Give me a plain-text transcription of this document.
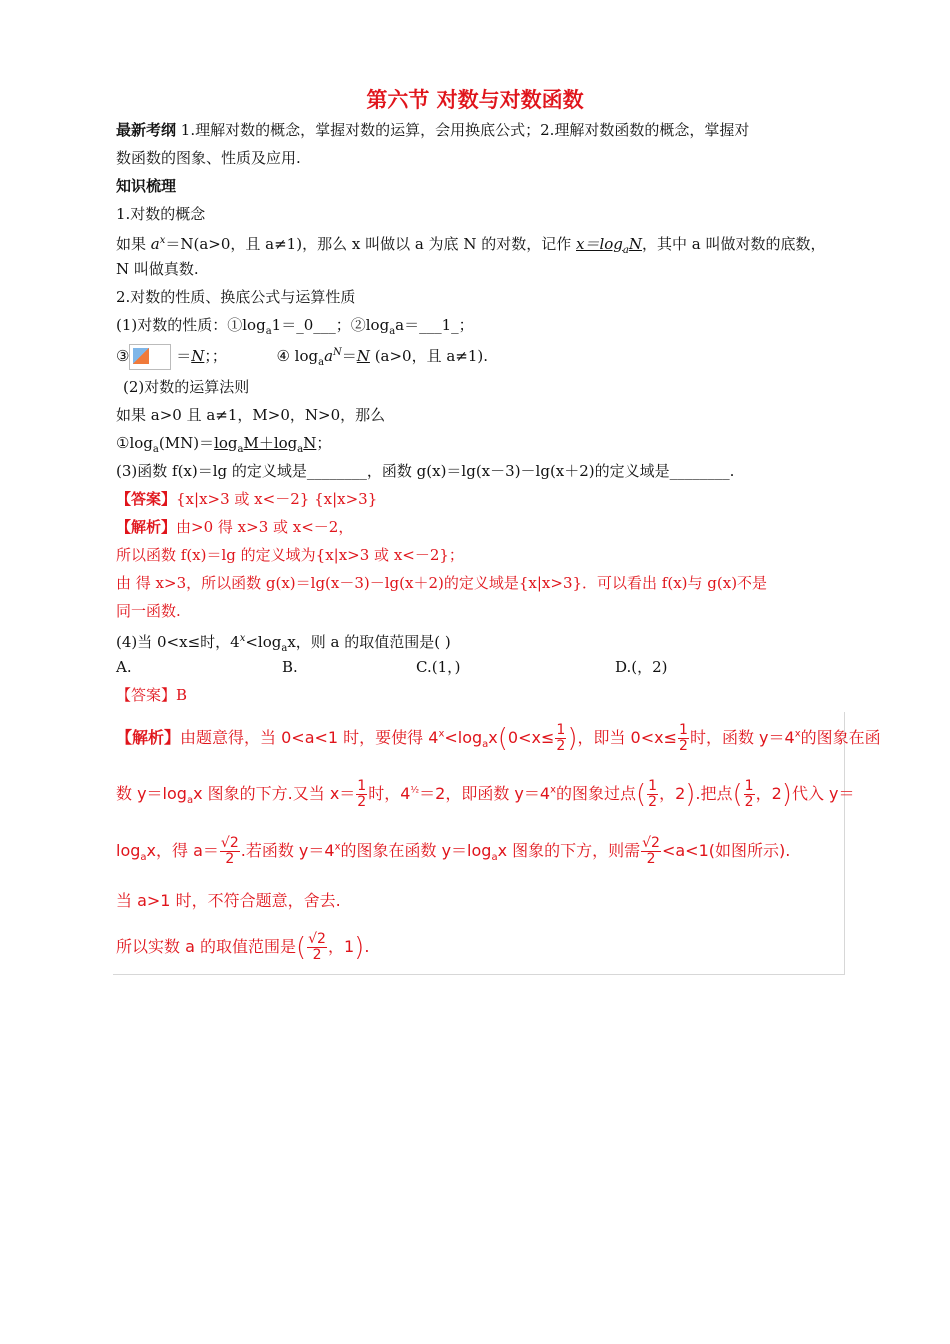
第六节 对数与对数函数
最新考纲 1.理解对数的概念，掌握对数的运算，会用换底公式；2.理解对数函数的概念，掌握对
数函数的图象、性质及应用.
知识梳理
1.对数的概念
如果 $a^x=N(a>0$，且 a≠1)，那么 x 叫做以 a 为底 N 的对数，记作 $x=\log_aN$，其中 a 叫做对数的底数，
N 叫做真数.
2.对数的性质、换底公式与运算性质
(1)对数的性质：$①\log_a1=\_0\_\_\_$；$②\log_aa=\_\_\_1\_$；
③	＝N；；	④ $\log_aa^N=N$ (a>0，且 a≠1).
(2)对数的运算法则
如果 a>0 且 a≠1，M>0，N>0，那么
$①\log_a(MN)=\log_aM+\log_aN$；
(3)函数 f(x)＝lg 的定义域是________，函数 g(x)＝lg(x－3)－lg(x＋2)的定义域是________.
【答案】{x|x>3 或 x<－2} {x|x>3}
【解析】由>0 得 x>3 或 x<－2，
所以函数 f(x)＝lg 的定义域为{x|x>3 或 x<－2}；
由 得 x>3，所以函数 g(x)＝lg(x－3)－lg(x＋2)的定义域是{x|x>3}．可以看出 f(x)与 g(x)不是
同一函数.
(4)当 0<x≤时，$4^x<\log_ax$，则 a 的取值范围是( )
A.	B.	C.(1，)	D.(，2)
【答案】B
【解析】由题意得，当 0<a<1 时，要使得 $4^x<\log_ax(0<x\le \frac{1}{2}$ )，即当 $0<x\le \frac{1}{2}$ 时，函数 $y=4^x$的图象在函
数 $y=\log_ax$ 图象的下方.又当 $x= \frac{1}{2}$ 时，$4^{\frac{1}{2}}=2$，即函数 $y=4^x$的图象过点( $\frac{1}{2}$ ，2).把点( $\frac{1}{2}$ ，2)代入 y＝
$\log_ax$，得 $a= \frac{√2}{2}$ .若函数 $y=4^x$的图象在函数 $y=\log_ax$ 图象的下方，则需 $\frac{√2}{2} <a<1$(如图所示).
当 a>1 时，不符合题意，舍去.
所以实数 a 的取值范围是( $\frac{√2}{2}$ ，1).
